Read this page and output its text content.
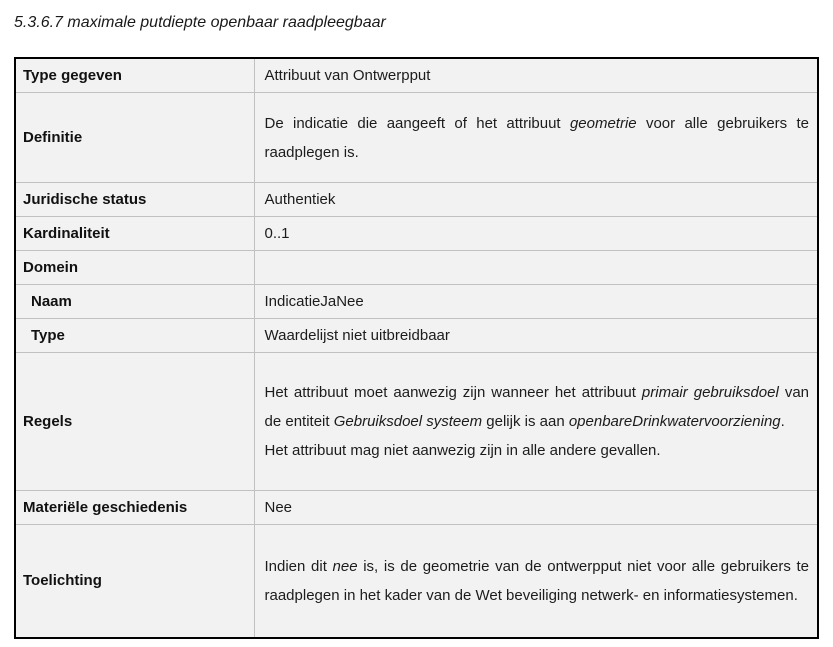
5.3.6.7 maximale putdiepte openbaar raadpleegbaar
Type gegeven	Attribuut van Ontwerpput
Definitie	De indicatie die aangeeft of het attribuut geometrie voor alle gebruikers te raadplegen is.

Juridische status	Authentiek
Kardinaliteit	0..1
Domein	
Naam	IndicatieJaNee
Type	Waardelijst niet uitbreidbaar
Regels	Het attribuut moet aanwezig zijn wanneer het attribuut primair gebruiksdoel van de entiteit Gebruiksdoel systeem gelijk is aan openbareDrinkwatervoorziening.

Het attribuut mag niet aanwezig zijn in alle andere gevallen.

Materiële geschiedenis	Nee
Toelichting	Indien dit nee is, is de geometrie van de ontwerpput niet voor alle gebruikers te raadplegen in het kader van de Wet beveiliging netwerk- en informatiesystemen.
